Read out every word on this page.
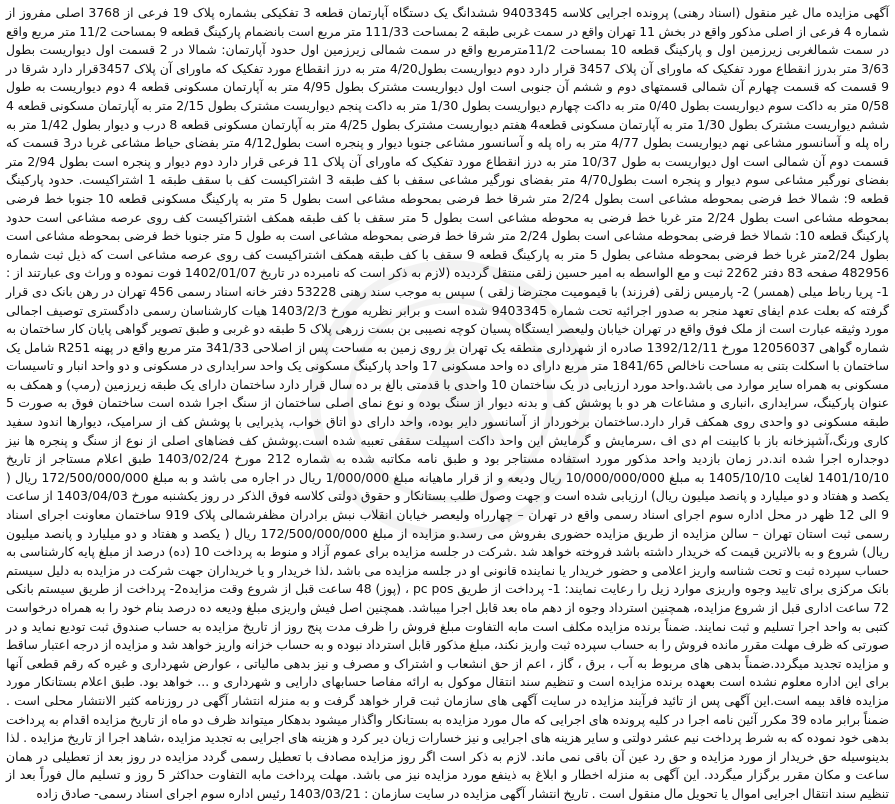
آگهی مزایده مال غیر منقول (اسناد رهنی) پرونده اجرایی کلاسه 9403345 ششدانگ یک دستگاه آپارتمان قطعه 3 تفکیکی بشماره پلاک 19 فرعی از 3768 اصلی مفروز از شماره 4 فرعی از اصلی مذکور واقع در بخش 11 تهران واقع در سمت غربی طبقه 2 بمساحت 111/33 متر مربع است بانضمام پارکینگ قطعه 9 بمساحت 11/2 متر مربع واقع در سمت شمالغربی زیرزمین اول و پارکینگ قطعه 10 بمساحت 11/2مترمربع واقع در سمت شمالی زیرزمین اول حدود آپارتمان: شمالا در 2 قسمت اول دیواریست بطول 3/63 متر بدرز انقطاع مورد تفکیک که ماورای آن پلاک 3457 قرار دارد دوم دیواریست بطول4/20 متر به درز انقطاع مورد تفکیک که ماورای آن پلاک 3457قرار دارد شرقا در 9 قسمت که قسمت چهارم آن شمالی قسمتهای دوم و ششم آن جنوبی است اول دیواریست مشترک بطول 4/95 متر به آپارتمان مسکونی قطعه 4 دوم دیواریست به طول 0/58 متر به داکت سوم دیواریست بطول 0/40 متر به داکت چهارم دیواریست بطول 1/30 متر به داکت پنجم دیواریست مشترک بطول 2/15 متر به آپارتمان مسکونی قطعه 4 ششم دیواریست مشترک بطول 1/30 متر به آپارتمان مسکونی قطعه4 هفتم دیواریست مشترک بطول 4/25 متر به آپارتمان مسکونی قطعه 8 درب و دیوار بطول 1/42 متر به راه پله و آسانسور مشاعی نهم دیواریست بطول 4/77 متر به راه پله و آسانسور مشاعی جنوبا دیوار و پنجره است بطول4/12 متر بفضای حیاط مشاعی غربا در3 قسمت که قسمت دوم آن شمالی است اول دیواریست به طول 10/37 متر به درز انقطاع مورد تفکیک که ماورای آن پلاک 11 فرعی قرار دارد دوم دیوار و پنجره است بطول 2/94 متر بفضای نورگیر مشاعی سوم دیوار و پنجره است بطول4/70 متر بفضای نورگیر مشاعی سقف با کف طبقه 3 اشتراکیست کف با سقف طبقه 1 اشتراکیست. حدود پارکینگ قطعه 9: شمالا خط فرضی بمحوطه مشاعی است بطول 2/24 متر شرقا خط فرضی بمحوطه مشاعی است بطول 5 متر به پارکینگ مسکونی قطعه 10 جنوبا خط فرضی بمحوطه مشاعی است بطول 2/24 متر غربا خط فرضی به محوطه مشاعی است بطول 5 متر سقف با کف طبقه همکف اشتراکیست کف روی عرصه مشاعی است حدود پارکینگ قطعه 10: شمالا خط فرضی بمحوطه مشاعی است بطول 2/24 متر شرقا خط فرضی بمحوطه مشاعی است به طول 5 متر جنوبا خط فرضی بمحوطه مشاعی است بطول 2/24متر غربا خط فرضی بمحوطه مشاعی بطول 5 متر به پارکینگ قطعه 9 سقف با کف طبقه همکف اشتراکیست کف روی عرصه مشاعی است که ذیل ثبت شماره 482956 صفحه 83 دفتر 2262 ثبت و مع الواسطه به امیر حسین زلقی منتقل گردیده (لازم به ذکر است که نامبرده در تاریخ 1402/01/07 فوت نموده و وراث وی عبارتند از : 1- پریا رباط میلی (همسر) 2- پارمیس زلقی (فرزند) با قیمومیت مجترضا زلقی ) سپس به موجب سند رهنی 53228 دفتر خانه اسناد رسمی 456 تهران در رهن بانک دی قرار گرفته که بعلت عدم ایفای تعهد منجر به صدور اجرائیه تحت شماره 9403345 شده است و برابر نظریه مورخ 1403/2/3 هیات کارشناسان رسمی دادگستری توصیف اجمالی مورد وثیقه عبارت است از ملک فوق واقع در تهران خیابان ولیعصر ایستگاه پسیان کوچه نصیبی بن بست زرهی پلاک 5 طبقه دو غربی و طبق تصویر گواهی پایان کار ساختمان به شماره گواهی 12056037 مورخ 1392/12/11 صادره از شهرداری منطقه یک تهران بر روی زمین به مساحت پس از اصلاحی 341/33 متر مربع واقع در پهنه R251 شامل یک ساختمان با اسکلت بتنی به مساحت ناخالص 1841/65 متر مربع دارای ده واحد مسکونی 17 واحد پارکینگ مسکونی یک واحد سرایداری در مسکونی و دو واحد انبار و تاسیسات مسکونی به همراه سایر موارد می باشد.واحد مورد ارزیابی در یک ساختمان 10 واحدی با قدمتی بالغ بر ده سال قرار دارد ساختمان دارای یک طبقه زیرزمین (رمپ) و همکف به عنوان پارکینگ، سرایداری ،انباری و مشاعات هر دو با پوشش کف و بدنه دیوار از سنگ بوده و نوع نمای اصلی ساختمان از سنگ اجرا شده است ساختمان فوق به صورت 5 طبقه مسکونی دو واحدی روی همکف قرار دارد.ساختمان برخوردار از آسانسور دایر بوده، واحد دارای دو اتاق خواب، پذیرایی با پوشش کف از سرامیک، دیوارها اندود سفید کاری ورنگ،آشپزخانه باز با کابینت ام دی اف ،سرمایش و گرمایش این واحد داکت اسپیلت سقفی تعبیه شده است.پوشش کف فضاهای اصلی از نوع از سنگ و پنجره ها نیز دوجداره اجرا شده اند.در زمان بازدید واحد مذکور مورد استفاده مستاجر بود و طبق نامه مکاتبه شده به شماره 212 مورخ 1403/02/24 طبق اعلام مستاجر از تاریخ 1401/10/10 لغایت 1405/10/10 به مبلغ 10/000/000/000 ریال ودیعه و از قرار ماهیانه مبلغ 1/000/000 ریال در اجاره می باشد و به مبلغ 172/500/000/000 ریال ( یکصد و هفتاد و دو میلیارد و پانصد میلیون ریال) ارزیابی شده است و جهت وصول طلب بستانکار و حقوق دولتی کلاسه فوق الذکر در روز یکشنبه مورخ 1403/04/03 از ساعت 9 الی 12 ظهر در محل اداره سوم اجرای اسناد رسمی واقع در تهران – چهارراه ولیعصر خیابان انقلاب نبش برادران مظفرشمالی پلاک 919 ساختمان معاونت اجرای اسناد رسمی ثبت استان تهران – سالن مزایده از طریق مزایده حضوری بفروش می رسد.و مزایده از مبلغ 172/500/000/000 ریال ( یکصد و هفتاد و دو میلیارد و پانصد میلیون ریال) شروع و به بالاترین قیمت که خریدار داشته باشد فروخته خواهد شد .شرکت در جلسه مزایده برای عموم آزاد و منوط به پرداخت 10 (ده) درصد از مبلغ پایه کارشناسی به حساب سپرده ثبت و تحت شناسه واریز اعلامی و حضور خریدار یا نماینده قانونی او در جلسه مزایده می باشد ،لذا خریدار و یا خریداران جهت شرکت در مزایده به دلیل سیستم بانک مرکزی برای تایید وجوه واریزی موارد زیل را رعایت نمایند: 1- پرداخت از طریق pc pos ، (پوز) 48 ساعت قبل از شروع وقت مزایده2- پرداخت از طریق سیستم بانکی 72 ساعت اداری قبل از شروع مزایده، همچنین استرداد وجوه از دهم ماه بعد قابل اجرا میباشد. همچنین اصل فیش واریزی مبلغ ودیعه ده درصد بنام خود را به همراه درخواست کتبی به واحد اجرا تسلیم و ثبت نمایند. ضمناً برنده مزایده مکلف است مابه التفاوت مبلغ فروش را ظرف مدت پنج روز از تاریخ مزایده به حساب صندوق ثبت تودیع نماید و در صورتی که ظرف مهلت مقرر مانده فروش را به حساب سپرده ثبت واریز نکند، مبلغ مذکور قابل استرداد نبوده و به حساب خزانه واریز خواهد شد و مزایده از درجه اعتبار ساقط و مزایده تجدید میگردد.ضمناً بدهی های مربوط به آب ، برق ، گاز ، اعم از حق انشعاب و اشتراک و مصرف و نیز بدهی مالیاتی ، عوارض شهرداری و غیره که رقم قطعی آنها برای این اداره معلوم نشده است بعهده برنده مزایده است و تنظیم سند انتقال موکول به ارائه مفاصا حسابهای دارایی و شهرداری و ... خواهد بود. طبق اعلام بستانکار مورد مزایده فاقد بیمه است.این آگهی پس از تائید فرآیند مزایده در سایت آگهی های سازمان ثبت قرار خواهد گرفت و به منزله انتشار آگهی در روزنامه کثیر الانتشار محلی است . ضمناً برابر ماده 39 مکرر آئین نامه اجرا در کلیه پرونده های اجرایی که مال مورد مزایده به بستانکار واگذار میشود بدهکار میتواند ظرف دو ماه از تاریخ مزایده اقدام به پرداخت بدهی خود نموده که به شرط پرداخت نیم عشر دولتی و سایر هزینه های اجرایی و نیز خسارات زیان دیر کرد و هزینه های اجرایی به تجدید مزایده ،شاهد اجرا از تاریخ مزایده . لذا بدینوسیله حق خریدار از مورد مزایده و حق رد عین آن باقی نمی ماند. لازم به ذکر است اگر روز مزایده مصادف با تعطیل رسمی گردد مزایده در روز بعد از تعطیلی در همان ساعت و مکان مقرر برگزار میگردد. این آگهی به منزله اخطار و ابلاغ به ذینفع مورد مزایده نیز می باشد. مهلت پرداخت مابه التفاوت حداکثر 5 روز و تسلیم مال فوراً بعد از تنظیم سند انتقال اجرایی اموال یا تحویل مال منقول است . تاریخ انتشار آگهی مزایده در سایت سازمان : 1403/03/21 رئیس اداره سوم اجرای اسناد رسمی- صادق زاده
